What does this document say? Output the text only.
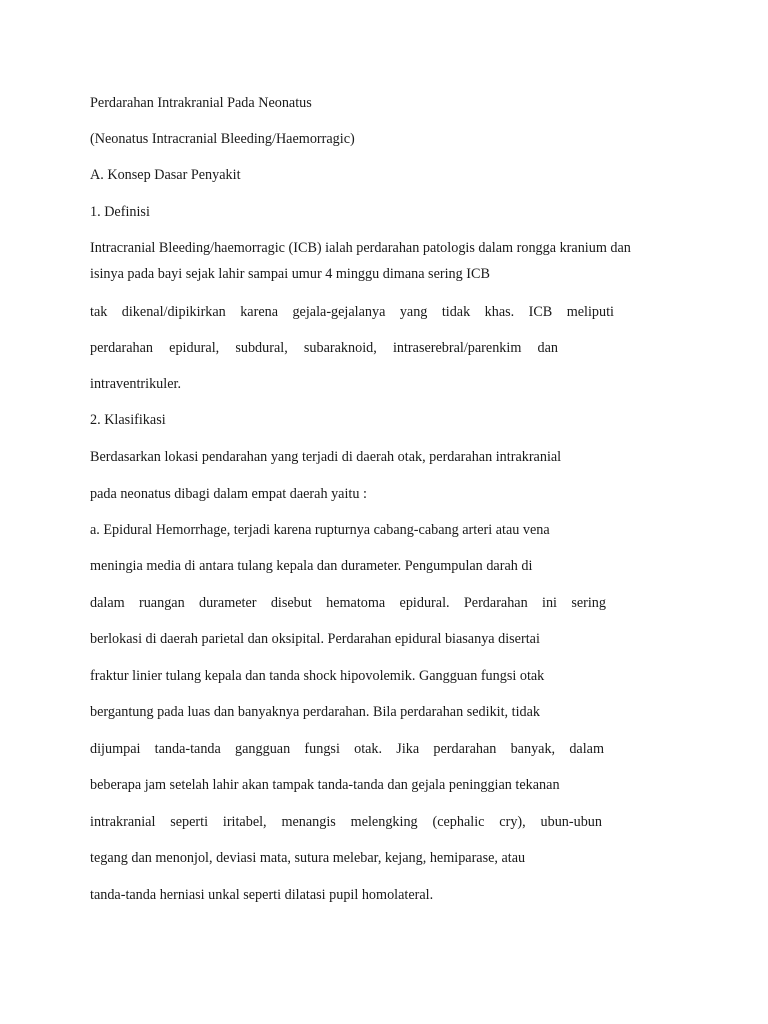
Perdarahan Intrakranial Pada Neonatus
(Neonatus Intracranial Bleeding/Haemorragic)
A. Konsep Dasar Penyakit
1. Definisi
Intracranial Bleeding/haemorragic (ICB) ialah perdarahan patologis dalam rongga kranium dan
isinya pada bayi sejak lahir sampai umur 4 minggu dimana sering ICB
tak dikenal/dipikirkan karena gejala-gejalanya yang tidak khas. ICB meliputi
perdarahan epidural, subdural, subaraknoid, intraserebral/parenkim dan
intraventrikuler.
2. Klasifikasi
Berdasarkan lokasi pendarahan yang terjadi di daerah otak, perdarahan intrakranial
pada neonatus dibagi dalam empat daerah yaitu :
a. Epidural Hemorrhage, terjadi karena rupturnya cabang-cabang arteri atau vena
meningia media di antara tulang kepala dan durameter. Pengumpulan darah di
dalam ruangan durameter disebut hematoma epidural. Perdarahan ini sering
berlokasi di daerah parietal dan oksipital. Perdarahan epidural biasanya disertai
fraktur linier tulang kepala dan tanda shock hipovolemik. Gangguan fungsi otak
bergantung pada luas dan banyaknya perdarahan. Bila perdarahan sedikit, tidak
dijumpai tanda-tanda gangguan fungsi otak. Jika perdarahan banyak, dalam
beberapa jam setelah lahir akan tampak tanda-tanda dan gejala peninggian tekanan
intrakranial seperti iritabel, menangis melengking (cephalic cry), ubun-ubun
tegang dan menonjol, deviasi mata, sutura melebar, kejang, hemiparase, atau
tanda-tanda herniasi unkal seperti dilatasi pupil homolateral.
